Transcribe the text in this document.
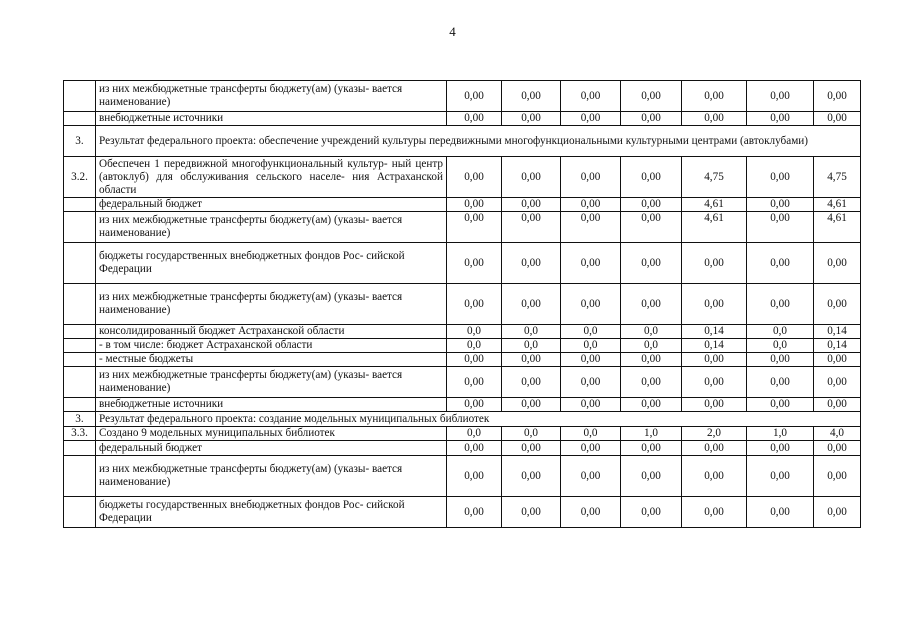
4
	из них межбюджетные трансферты бюджету(ам) (указы- вается наименование)	0,00	0,00	0,00	0,00	0,00	0,00	0,00
	внебюджетные источники	0,00	0,00	0,00	0,00	0,00	0,00	0,00
3.	Результат федерального проекта: обеспечение учреждений культуры передвижными многофункциональными культурными центрами (автоклубами)							
3.2.	Обеспечен 1 передвижной многофункциональный культур- ный центр (автоклуб) для обслуживания сельского населе- ния Астраханской области	0,00	0,00	0,00	0,00	4,75	0,00	4,75
	федеральный бюджет	0,00	0,00	0,00	0,00	4,61	0,00	4,61
	из них межбюджетные трансферты бюджету(ам) (указы- вается наименование)	0,00	0,00	0,00	0,00	4,61	0,00	4,61
	бюджеты государственных внебюджетных фондов Рос- сийской Федерации	0,00	0,00	0,00	0,00	0,00	0,00	0,00
	из них межбюджетные трансферты бюджету(ам) (указы- вается наименование)	0,00	0,00	0,00	0,00	0,00	0,00	0,00
	консолидированный бюджет Астраханской области	0,0	0,0	0,0	0,0	0,14	0,0	0,14
	- в том числе: бюджет Астраханской области	0,0	0,0	0,0	0,0	0,14	0,0	0,14
	- местные бюджеты	0,00	0,00	0,00	0,00	0,00	0,00	0,00
	из них межбюджетные трансферты бюджету(ам) (указы- вается наименование)	0,00	0,00	0,00	0,00	0,00	0,00	0,00
	внебюджетные источники	0,00	0,00	0,00	0,00	0,00	0,00	0,00
3.	Результат федерального проекта: создание модельных муниципальных библиотек							
3.3.	Создано 9 модельных муниципальных библиотек	0,0	0,0	0,0	1,0	2,0	1,0	4,0
	федеральный бюджет	0,00	0,00	0,00	0,00	0,00	0,00	0,00
	из них межбюджетные трансферты бюджету(ам) (указы- вается наименование)	0,00	0,00	0,00	0,00	0,00	0,00	0,00
	бюджеты государственных внебюджетных фондов Рос- сийской Федерации	0,00	0,00	0,00	0,00	0,00	0,00	0,00
